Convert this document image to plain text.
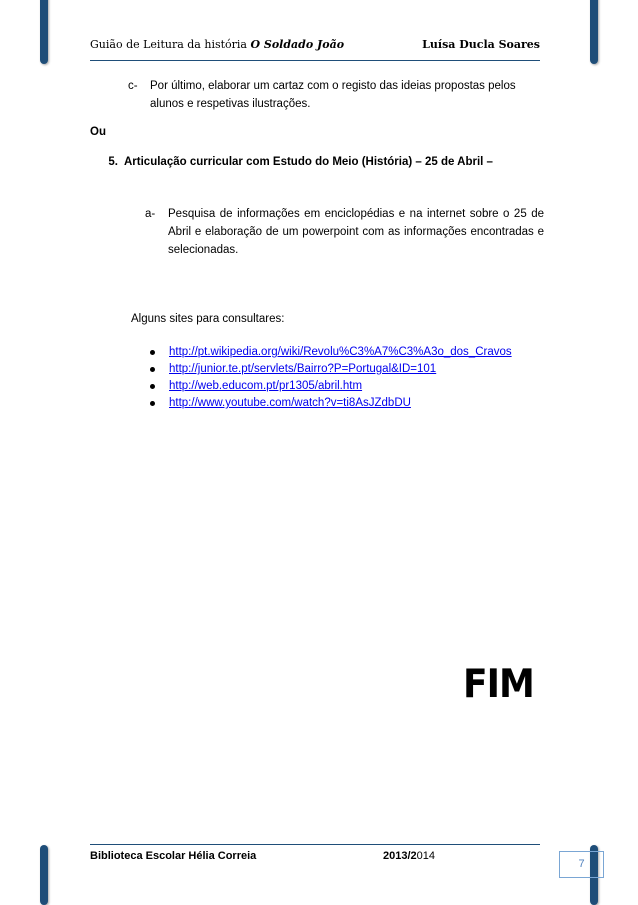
Guião de Leitura da história O Soldado João	Luísa Ducla Soares
c- Por último, elaborar um cartaz com o registo das ideias propostas pelos
alunos e respetivas ilustrações.
Ou
5. Articulação curricular com Estudo do Meio (História) – 25 de Abril –
a- Pesquisa de informações em enciclopédias e na internet sobre o 25 de Abril e elaboração de um powerpoint com as informações encontradas e selecionadas.
Alguns sites para consultares:
http://pt.wikipedia.org/wiki/Revolu%C3%A7%C3%A3o_dos_Cravos
http://junior.te.pt/servlets/Bairro?P=Portugal&ID=101
http://web.educom.pt/pr1305/abril.htm
http://www.youtube.com/watch?v=ti8AsJZdbDU
FIM
Biblioteca Escolar Hélia Correia	2013/2014
7
